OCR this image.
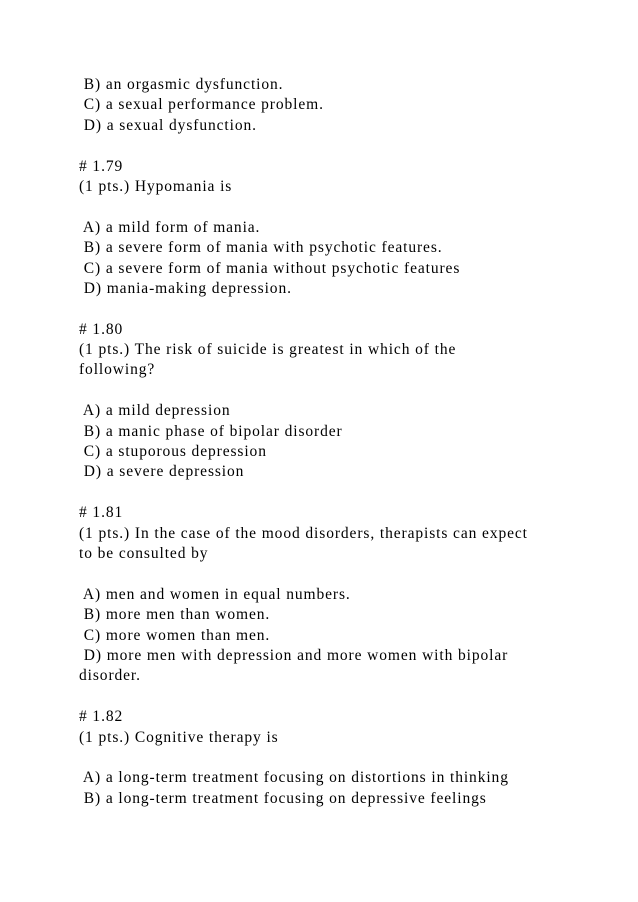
B) an orgasmic dysfunction.
C) a sexual performance problem.
D) a sexual dysfunction.
# 1.79
(1 pts.) Hypomania is
A) a mild form of mania.
B) a severe form of mania with psychotic features.
C) a severe form of mania without psychotic features
D) mania-making depression.
# 1.80
(1 pts.) The risk of suicide is greatest in which of the
following?
A) a mild depression
B) a manic phase of bipolar disorder
C) a stuporous depression
D) a severe depression
# 1.81
(1 pts.) In the case of the mood disorders, therapists can expect
to be consulted by
A) men and women in equal numbers.
B) more men than women.
C) more women than men.
D) more men with depression and more women with bipolar
disorder.
# 1.82
(1 pts.) Cognitive therapy is
A) a long-term treatment focusing on distortions in thinking
B) a long-term treatment focusing on depressive feelings
